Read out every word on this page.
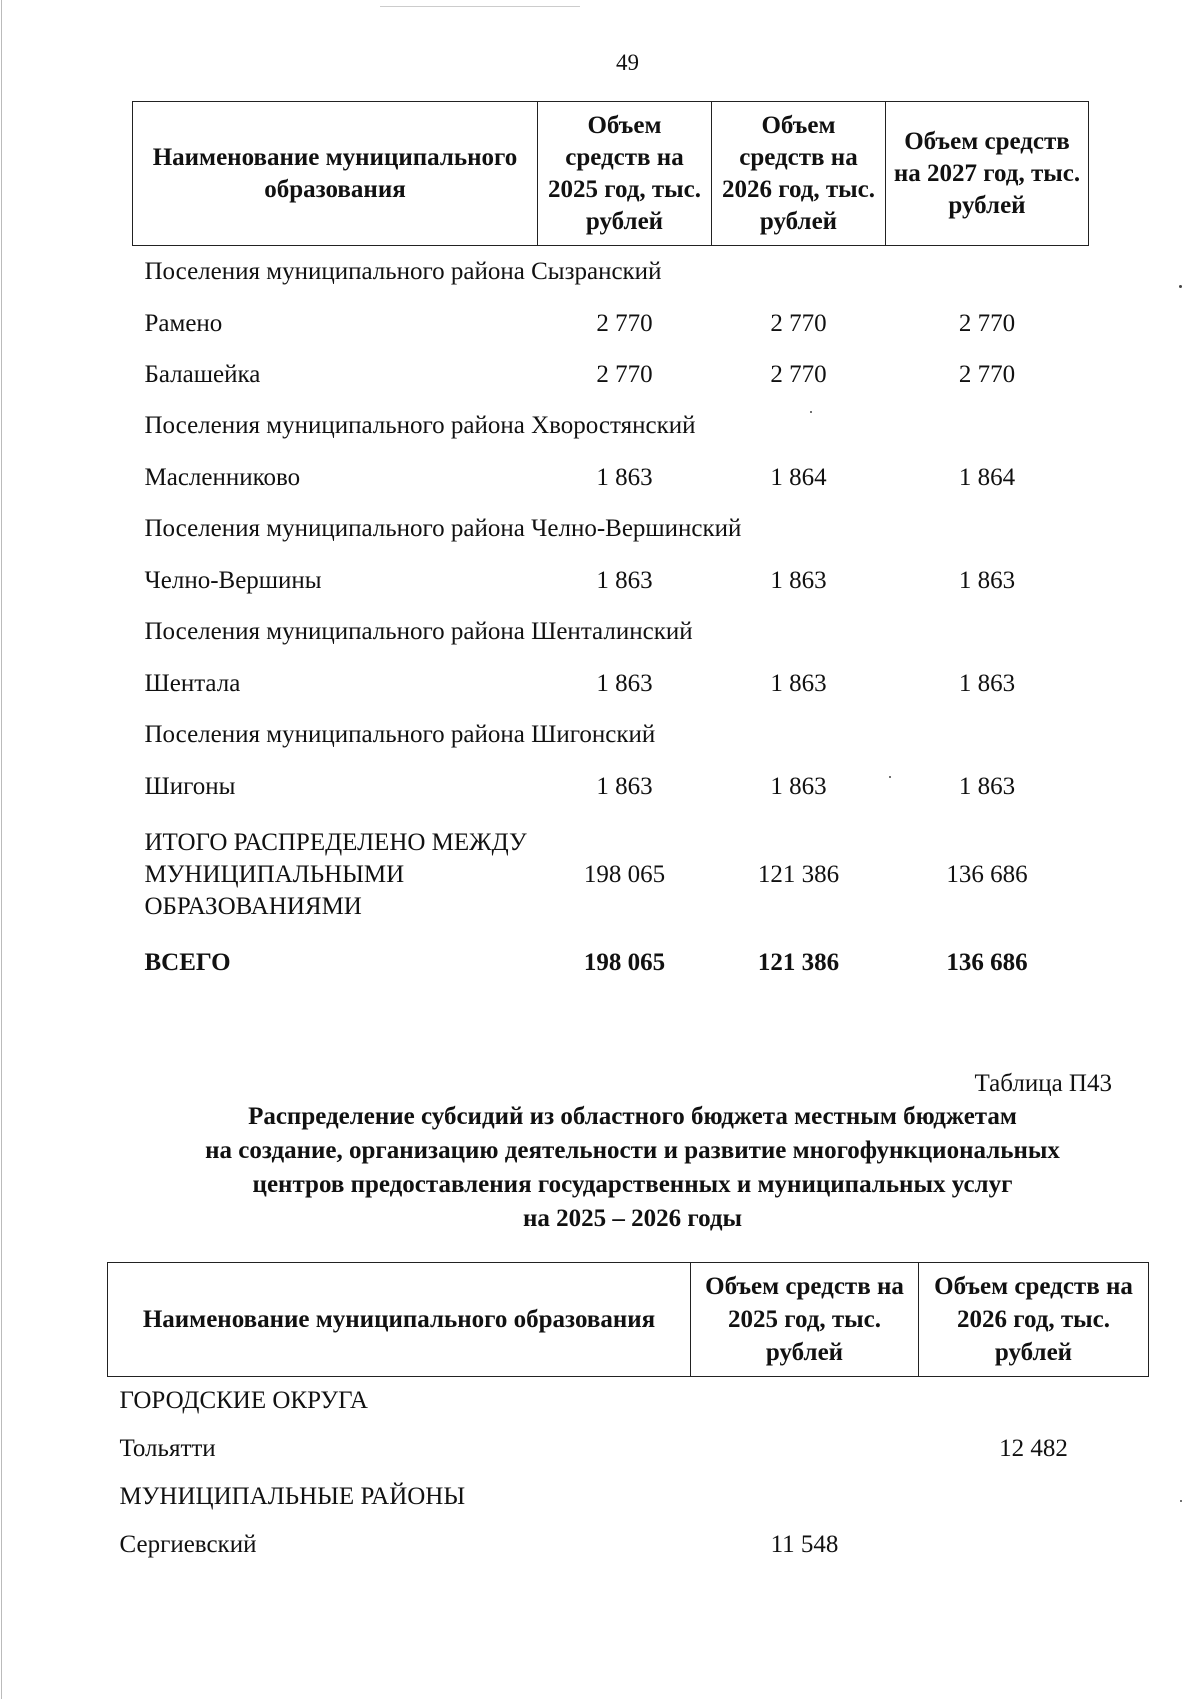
49
Наименование муниципального образования	Объем средств на 2025 год, тыс. рублей	Объем средств на 2026 год, тыс. рублей	Объем средств на 2027 год, тыс. рублей
Поселения муниципального района Сызранский			
Рамено	2 770	2 770	2 770
Балашейка	2 770	2 770	2 770
Поселения муниципального района Хворостянский			
Масленниково	1 863	1 864	1 864
Поселения муниципального района Челно-Вершинский			
Челно-Вершины	1 863	1 863	1 863
Поселения муниципального района Шенталинский			
Шентала	1 863	1 863	1 863
Поселения муниципального района Шигонский			
Шигоны	1 863	1 863	1 863
ИТОГО РАСПРЕДЕЛЕНО МЕЖДУ МУНИЦИПАЛЬНЫМИ ОБРАЗОВАНИЯМИ	198 065	121 386	136 686
ВСЕГО	198 065	121 386	136 686
Таблица П43
Распределение субсидий из областного бюджета местным бюджетам
на создание, организацию деятельности и развитие многофункциональных
центров предоставления государственных и муниципальных услуг
на 2025 – 2026 годы
Наименование муниципального образования	Объем средств на 2025 год, тыс. рублей	Объем средств на 2026 год, тыс. рублей
ГОРОДСКИЕ ОКРУГА		
Тольятти		12 482
МУНИЦИПАЛЬНЫЕ РАЙОНЫ		
Сергиевский	11 548	
